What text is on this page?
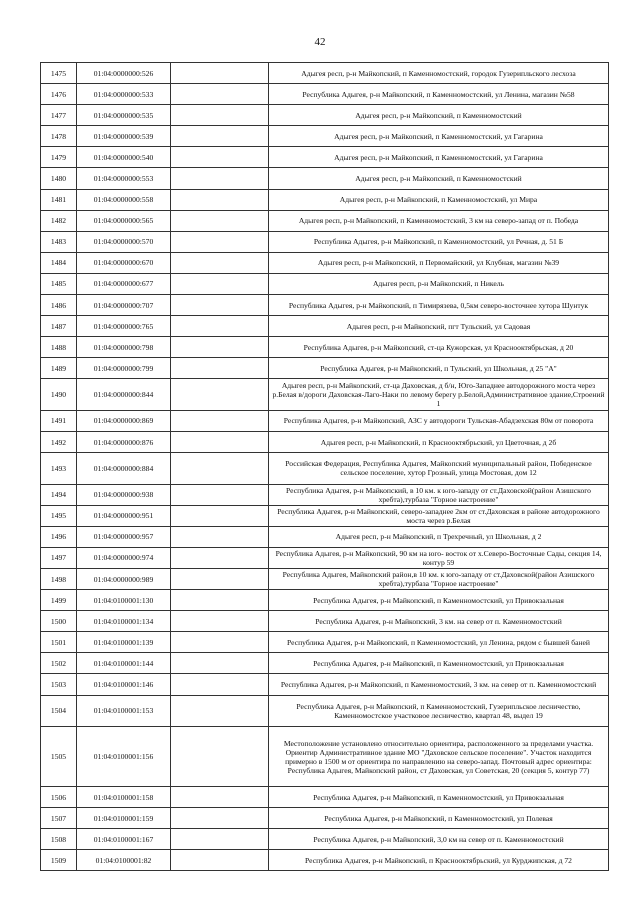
42
1475	01:04:0000000:526		Адыгея респ, р-н Майкопский, п Каменномостский, городок Гузерипльского лесхоза
1476	01:04:0000000:533		Республика Адыгея, р-н Майкопский, п Каменномостский, ул Ленина, магазин №58
1477	01:04:0000000:535		Адыгея респ, р-н Майкопский, п Каменномостский
1478	01:04:0000000:539		Адыгея респ, р-н Майкопский, п Каменномостский, ул Гагарина
1479	01:04:0000000:540		Адыгея респ, р-н Майкопский, п Каменномостский, ул Гагарина
1480	01:04:0000000:553		Адыгея респ, р-н Майкопский, п Каменномостский
1481	01:04:0000000:558		Адыгея респ, р-н Майкопский, п Каменномостский, ул Мира
1482	01:04:0000000:565		Адыгея респ, р-н Майкопский, п Каменномостский, 3 км на северо-запад от п. Победа
1483	01:04:0000000:570		Республика Адыгея, р-н Майкопский, п Каменномостский, ул Речная, д. 51 Б
1484	01:04:0000000:670		Адыгея респ, р-н Майкопский, п Первомайский, ул Клубная, магазин №39
1485	01:04:0000000:677		Адыгея респ, р-н Майкопский, п Никель
1486	01:04:0000000:707		Республика Адыгея, р-н Майкопский, п Тимирязева, 0,5км северо-восточнее хутора Шунтук
1487	01:04:0000000:765		Адыгея респ, р-н Майкопский, пгт Тульский, ул Садовая
1488	01:04:0000000:798		Республика Адыгея, р-н Майкопский, ст-ца Кужорская, ул Краснооктябрьская, д 20
1489	01:04:0000000:799		Республика Адыгея, р-н Майкопский, п Тульский, ул Школьная, д 25 "А"
1490	01:04:0000000:844		Адыгея респ, р-н Майкопский, ст-ца Даховская, д б/н, Юго-Западнее автодорожного моста через р.Белая в/дороги Даховская-Лаго-Наки по левому берегу р.Белой,Административное здание,Строений 1
1491	01:04:0000000:869		Республика Адыгея, р-н Майкопский, АЗС у автодороги Тульская-Абадзехская 80м от поворота
1492	01:04:0000000:876		Адыгея респ, р-н Майкопский, п Краснооктябрьский, ул Цветочная, д 2б
1493	01:04:0000000:884		Российская Федерация, Республика Адыгея, Майкопский муниципальный район, Победенское сельское поселение, хутор Грозный, улица Мостовая, дом 12
1494	01:04:0000000:938		Республика Адыгея, р-н Майкопский, в 10 км. к юго-западу от ст.Даховской(район Азишского хребта),турбаза "Горное настроение"
1495	01:04:0000000:951		Республика Адыгея, р-н Майкопский, северо-западнее 2км от ст.Даховская в районе автодорожного моста через р.Белая
1496	01:04:0000000:957		Адыгея респ, р-н Майкопский, п Трехречный, ул Школьная, д 2
1497	01:04:0000000:974		Республика Адыгея, р-н Майкопский, 90 км на юго- восток от х.Северо-Восточные Сады, секция 14, контур 59
1498	01:04:0000000:989		Республика Адыгея, Майкопский район,в 10 км. к юго-западу от ст.Даховской(район Азишского хребта),турбаза "Горное настроение"
1499	01:04:0100001:130		Республика Адыгея, р-н Майкопский, п Каменномостский, ул Привокзальная
1500	01:04:0100001:134		Республика Адыгея, р-н Майкопский, 3 км. на север от п. Каменномостский
1501	01:04:0100001:139		Республика Адыгея, р-н Майкопский, п Каменномостский, ул Ленина, рядом с бывшей баней
1502	01:04:0100001:144		Республика Адыгея, р-н Майкопский, п Каменномостский, ул Привокзальная
1503	01:04:0100001:146		Республика Адыгея, р-н Майкопский, п Каменномостский, 3 км. на север от п. Каменномостский
1504	01:04:0100001:153		Республика Адыгея, р-н Майкопский, п Каменномостский, Гузерипльское лесничество, Каменномостское участковое лесничество, квартал 48, выдел 19
1505	01:04:0100001:156		Местоположение установлено относительно ориентира, расположенного за пределами участка. Ориентир Административное здание МО "Даховское сельское поселение". Участок находится примерно в 1500 м от ориентира по направлению на северо-запад. Почтовый адрес ориентира: Республика Адыгея, Майкопский район, ст Даховская, ул Советская, 20 (секция 5, контур 77)
1506	01:04:0100001:158		Республика Адыгея, р-н Майкопский, п Каменномостский, ул Привокзальная
1507	01:04:0100001:159		Республика Адыгея, р-н Майкопский, п Каменномостский, ул Полевая
1508	01:04:0100001:167		Республика Адыгея, р-н Майкопский, 3,0 км на север от п. Каменномостский
1509	01:04:0100001:82		Республика Адыгея, р-н Майкопский, п Краснооктябрьский, ул Курджипская, д 72
